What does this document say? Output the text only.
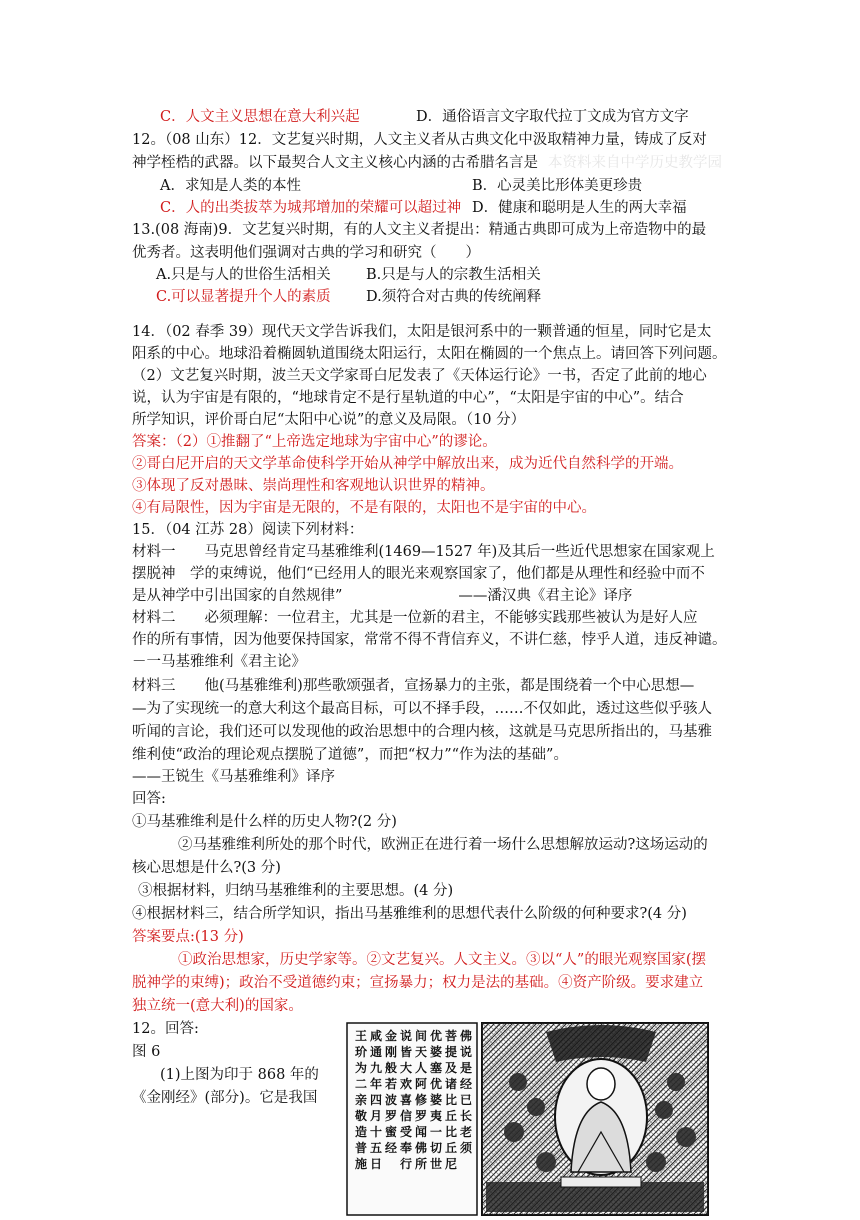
C．人文主义思想在意大利兴起	D．通俗语言文字取代拉丁文成为官方文字
12。（08 山东）12．文艺复兴时期，人文主义者从古典文化中汲取精神力量，铸成了反对
神学桎梏的武器。以下最契合人文主义核心内涵的古希腊名言是 本资料来自中学历史教学园
A．求知是人类的本性	B．心灵美比形体美更珍贵
C．人的出类拔萃为城邦增加的荣耀可以超过神 D．健康和聪明是人生的两大幸福
13.(08 海南)9．文艺复兴时期，有的人文主义者提出：精通古典即可成为上帝造物中的最
优秀者。这表明他们强调对古典的学习和研究（　　）
A.只是与人的世俗生活相关 B.只是与人的宗教生活相关
C.可以显著提升个人的素质 D.须符合对古典的传统阐释
14．（02 春季 39）现代天文学告诉我们，太阳是银河系中的一颗普通的恒星，同时它是太
阳系的中心。地球沿着椭圆轨道围绕太阳运行，太阳在椭圆的一个焦点上。请回答下列问题。
（2）文艺复兴时期，波兰天文学家哥白尼发表了《天体运行论》一书，否定了此前的地心
说，认为宇宙是有限的，“地球肯定不是行星轨道的中心”，“太阳是宇宙的中心”。结合
所学知识，评价哥白尼“太阳中心说”的意义及局限。（10 分）
答案：（2）①推翻了“上帝选定地球为宇宙中心”的谬论。
②哥白尼开启的天文学革命使科学开始从神学中解放出来，成为近代自然科学的开端。
③体现了反对愚昧、崇尚理性和客观地认识世界的精神。
④有局限性，因为宇宙是无限的，不是有限的，太阳也不是宇宙的中心。
15．（04 江苏 28）阅读下列材料：
材料一　　马克思曾经肯定马基雅维利(1469—1527 年)及其后一些近代思想家在国家观上
摆脱神　学的束缚说，他们“已经用人的眼光来观察国家了，他们都是从理性和经验中而不
是从神学中引出国家的自然规律”　　　　　　　　——潘汉典《君主论》译序
材料二　　必须理解：一位君主，尤其是一位新的君主，不能够实践那些被认为是好人应
作的所有事情，因为他要保持国家，常常不得不背信弃义，不讲仁慈，悖乎人道，违反神谴。
－一马基雅维利《君主论》
材料三　　他(马基雅维利)那些歌颂强者，宣扬暴力的主张，都是围绕着一个中心思想—
—为了实现统一的意大利这个最高目标，可以不择手段，……不仅如此，透过这些似乎骇人
听闻的言论，我们还可以发现他的政治思想中的合理内核，这就是马克思所指出的，马基雅
维利使“政治的理论观点摆脱了道德”，而把“权力”“作为法的基础”。
——王锐生《马基雅维利》译序
回答:
①马基雅维利是什么样的历史人物?(2 分)
②马基雅维利所处的那个时代，欧洲正在进行着一场什么思想解放运动?这场运动的
核心思想是什么?(3 分)
③根据材料，归纳马基雅维利的主要思想。(4 分)
④根据材料三，结合所学知识，指出马基雅维利的思想代表什么阶级的何种要求?(4 分)
答案要点:(13 分)
①政治思想家，历史学家等。②文艺复兴。人文主义。③以“人”的眼光观察国家(摆
脱神学的束缚)；政治不受道德约束；宣扬暴力；权力是法的基础。④资产阶级。要求建立
独立统一(意大利)的国家。
12。回答:
图 6
(1)上图为印于 868 年的
《金刚经》(部分)。它是我国
佛
说
是
经
已
长
老
须
菩
提
及
诸
比
丘
比
丘
尼
优
婆
塞
优
婆
夷
一
切
世
间
天
人
阿
修
罗
闻
佛
所
说
皆
大
欢
喜
信
受
奉
行
金
刚
般
若
波
罗
蜜
经
咸
通
九
年
四
月
十
五
日
王
玠
为
二
亲
敬
造
普
施
